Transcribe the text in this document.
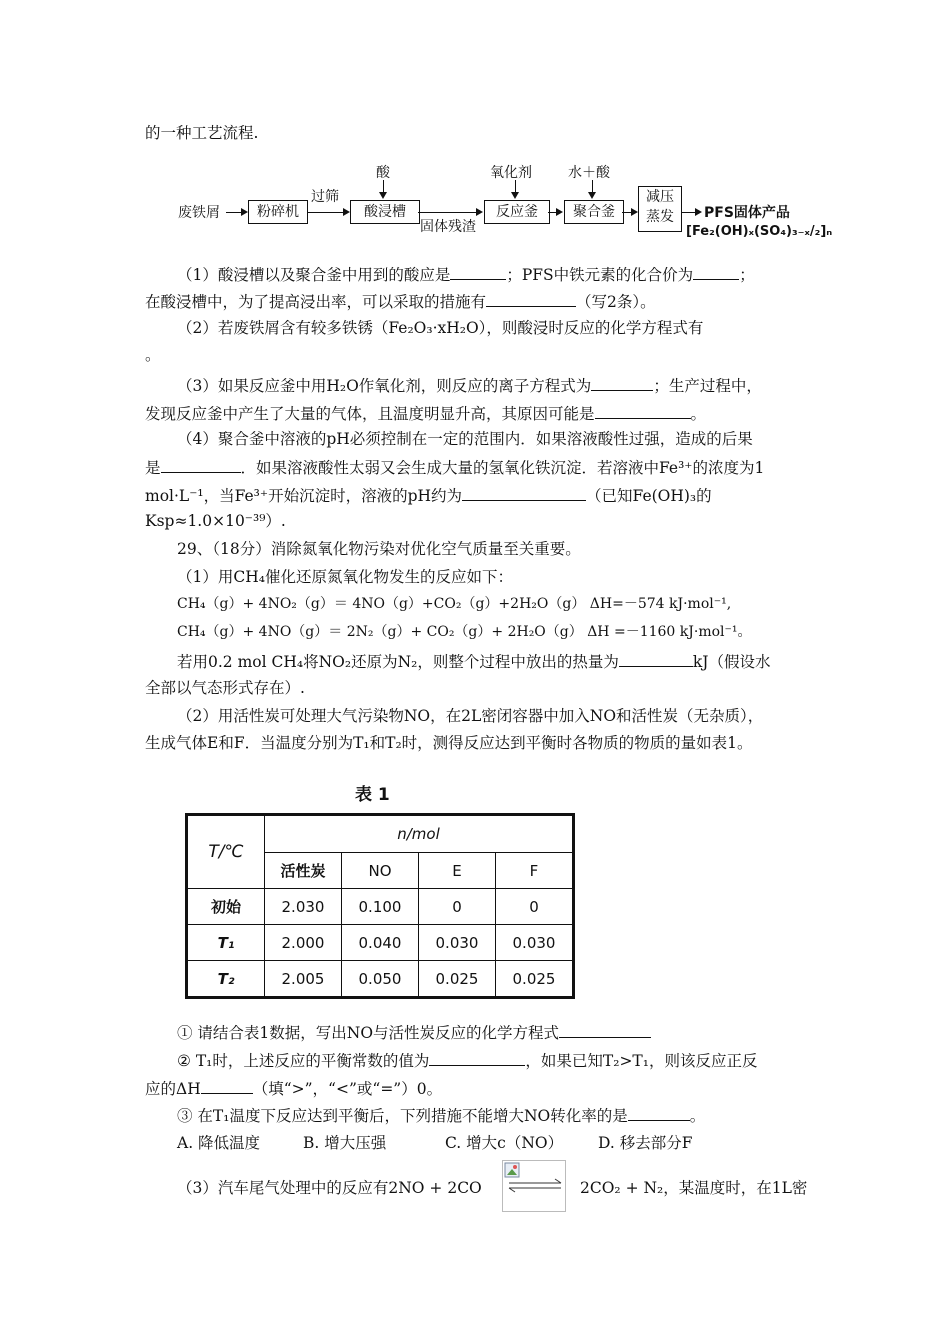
的一种工艺流程.
废铁屑	粉碎机
过筛
酸
酸浸槽
固体残渣
氧化剂
反应釜
水＋酸
聚合釜
减压
蒸发 PFS固体产品
[Fe₂(OH)ₓ(SO₄)₃₋ₓ/₂]ₙ
（1）酸浸槽以及聚合釜中用到的酸应是	；PFS中铁元素的化合价为	；
在酸浸槽中，为了提高浸出率，可以采取的措施有	（写2条）。
（2）若废铁屑含有较多铁锈（Fe₂O₃·xH₂O），则酸浸时反应的化学方程式有
。
（3）如果反应釜中用H₂O作氧化剂，则反应的离子方程式为	；生产过程中，
发现反应釜中产生了大量的气体，且温度明显升高，其原因可能是	。
（4）聚合釜中溶液的pH必须控制在一定的范围内．如果溶液酸性过强，造成的后果
是	．如果溶液酸性太弱又会生成大量的氢氧化铁沉淀．若溶液中Fe³⁺的浓度为1
mol·L⁻¹，当Fe³⁺开始沉淀时，溶液的pH约为	（已知Fe(OH)₃的
Ksp≈1.0×10⁻³⁹）.
29、（18分）消除氮氧化物污染对优化空气质量至关重要。
（1）用CH₄催化还原氮氧化物发生的反应如下：
CH₄（g）+ 4NO₂（g）＝ 4NO（g）+CO₂（g）+2H₂O（g） ΔH=－574 kJ·mol⁻¹,
CH₄（g）+ 4NO（g）＝ 2N₂（g）+ CO₂（g）+ 2H₂O（g） ΔH =－1160 kJ·mol⁻¹。
若用0.2 mol CH₄将NO₂还原为N₂，则整个过程中放出的热量为	kJ（假设水
全部以气态形式存在）.
（2）用活性炭可处理大气污染物NO，在2L密闭容器中加入NO和活性炭（无杂质），
生成气体E和F．当温度分别为T₁和T₂时，测得反应达到平衡时各物质的物质的量如表1。
表 1
T/℃	n/mol			
	活性炭	NO	E	F
初始	2.030	0.100	0	0
T₁	2.000	0.040	0.030	0.030
T₂	2.005	0.050	0.025	0.025
① 请结合表1数据，写出NO与活性炭反应的化学方程式
② T₁时，上述反应的平衡常数的值为	，如果已知T₂>T₁，则该反应正反
应的ΔH	（填“>”，“<”或“=”）0。
③ 在T₁温度下反应达到平衡后，下列措施不能增大NO转化率的是	。
A. 降低温度	B. 增大压强	C. 增大c（NO） D. 移去部分F
（3）汽车尾气处理中的反应有2NO + 2CO	2CO₂ + N₂，某温度时，在1L密
